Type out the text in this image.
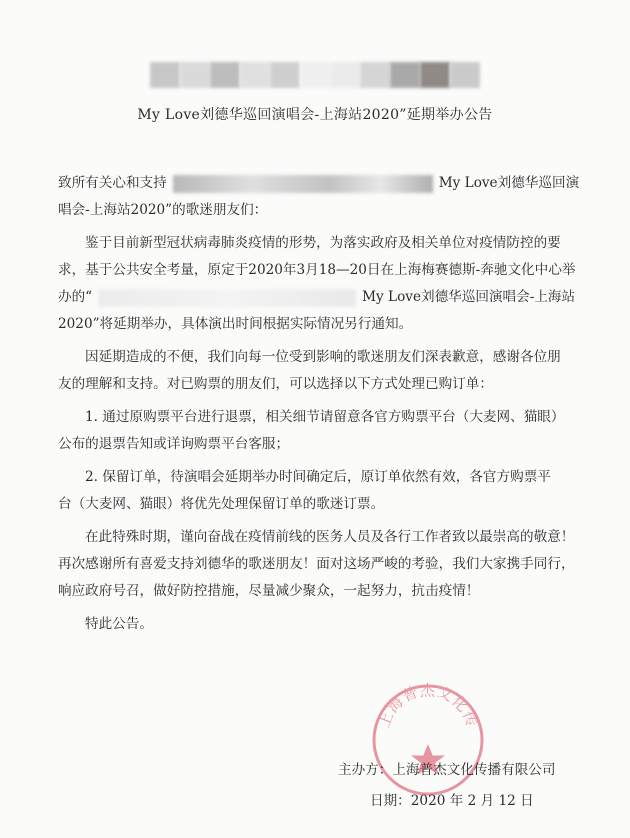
My Love刘德华巡回演唱会-上海站2020”延期举办公告
致所有关心和支持	My Love刘德华巡回演
唱会-上海站2020”的歌迷朋友们：
鉴于目前新型冠状病毒肺炎疫情的形势，为落实政府及相关单位对疫情防控的要
求，基于公共安全考量，原定于2020年3月18—20日在上海梅赛德斯-奔驰文化中心举
办的“	My Love刘德华巡回演唱会-上海站
2020”将延期举办，具体演出时间根据实际情况另行通知。
因延期造成的不便，我们向每一位受到影响的歌迷朋友们深表歉意，感谢各位朋
友的理解和支持。对已购票的朋友们，可以选择以下方式处理已购订单：
1. 通过原购票平台进行退票，相关细节请留意各官方购票平台（大麦网、猫眼）
公布的退票告知或详询购票平台客服；
2. 保留订单，待演唱会延期举办时间确定后，原订单依然有效，各官方购票平
台（大麦网、猫眼）将优先处理保留订单的歌迷订票。
在此特殊时期，谨向奋战在疫情前线的医务人员及各行工作者致以最崇高的敬意！
再次感谢所有喜爱支持刘德华的歌迷朋友！面对这场严峻的考验，我们大家携手同行，
响应政府号召，做好防控措施，尽量减少聚众，一起努力，抗击疫情！
特此公告。
上海普杰文化传
主办方：上海普杰文化传播有限公司
日期：2020 年 2 月 12 日
